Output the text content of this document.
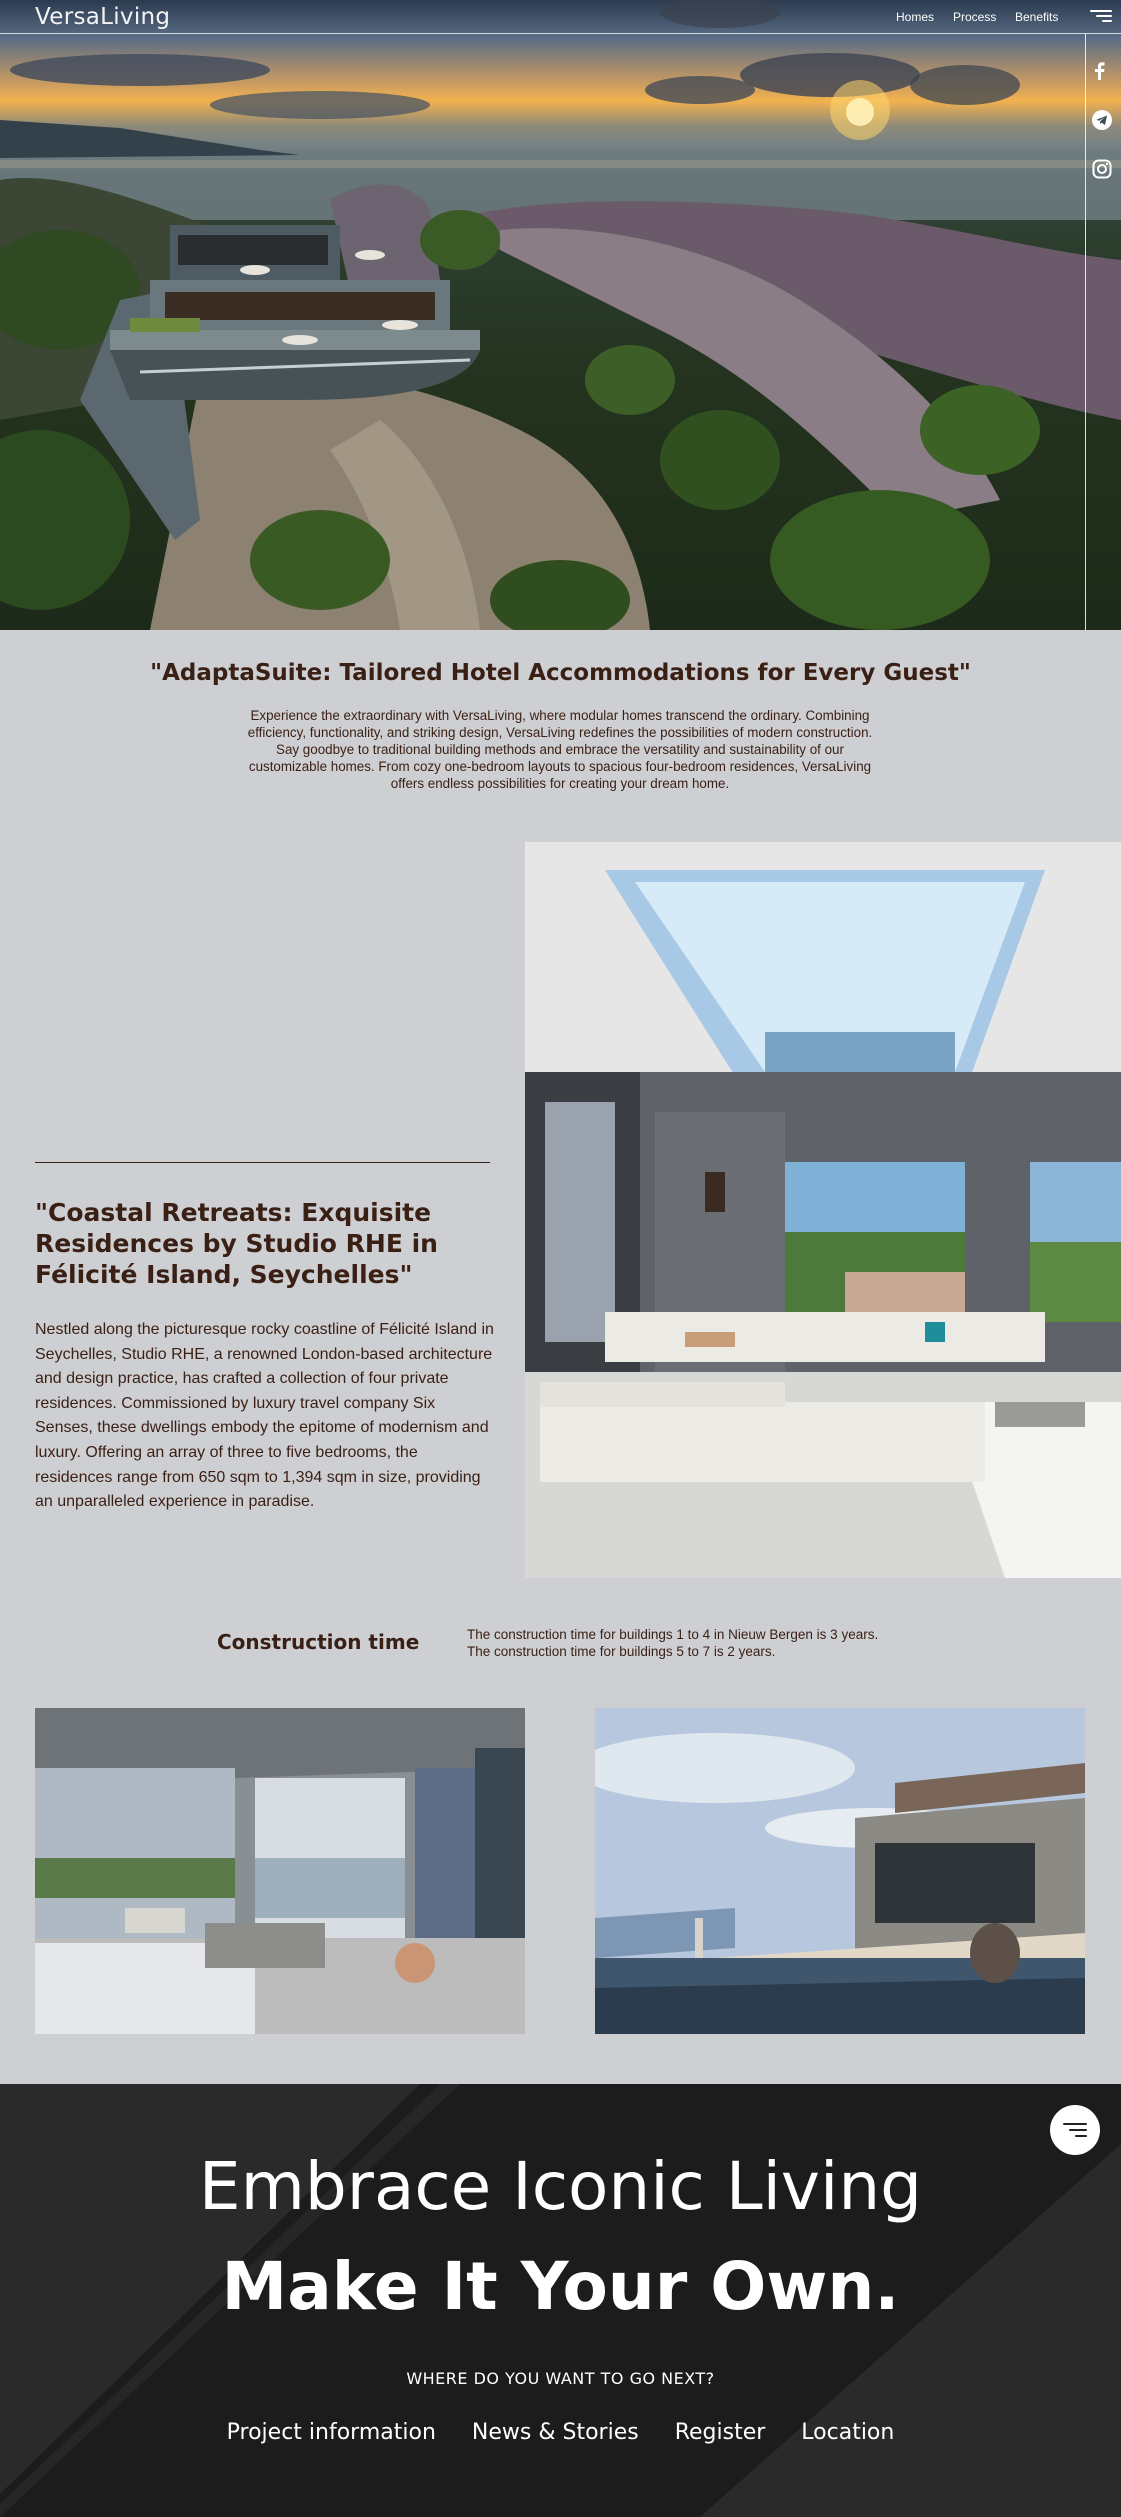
VersaLiving	Homes Process Benefits
"AdaptaSuite: Tailored Hotel Accommodations for Every Guest"

Experience the extraordinary with VersaLiving, where modular homes transcend the ordinary. Combining efficiency, functionality, and striking design, VersaLiving redefines the possibilities of modern construction. Say goodbye to traditional building methods and embrace the versatility and sustainability of our customizable homes. From cozy one-bedroom layouts to spacious four-bedroom residences, VersaLiving offers endless possibilities for creating your dream home.

"Coastal Retreats: Exquisite Residences by Studio RHE in Félicité Island, Seychelles"

Nestled along the picturesque rocky coastline of Félicité Island in Seychelles, Studio RHE, a renowned London-based architecture and design practice, has crafted a collection of four private residences. Commissioned by luxury travel company Six Senses, these dwellings embody the epitome of modernism and luxury. Offering an array of three to five bedrooms, the residences range from 650 sqm to 1,394 sqm in size, providing an unparalleled experience in paradise.

Construction time	The construction time for buildings 1 to 4 in Nieuw Bergen is 3 years.

The construction time for buildings 5 to 7 is 2 years.

Embrace Iconic Living
Make It Your Own.

WHERE DO YOU WANT TO GO NEXT?

Project information News & Stories Register Location
